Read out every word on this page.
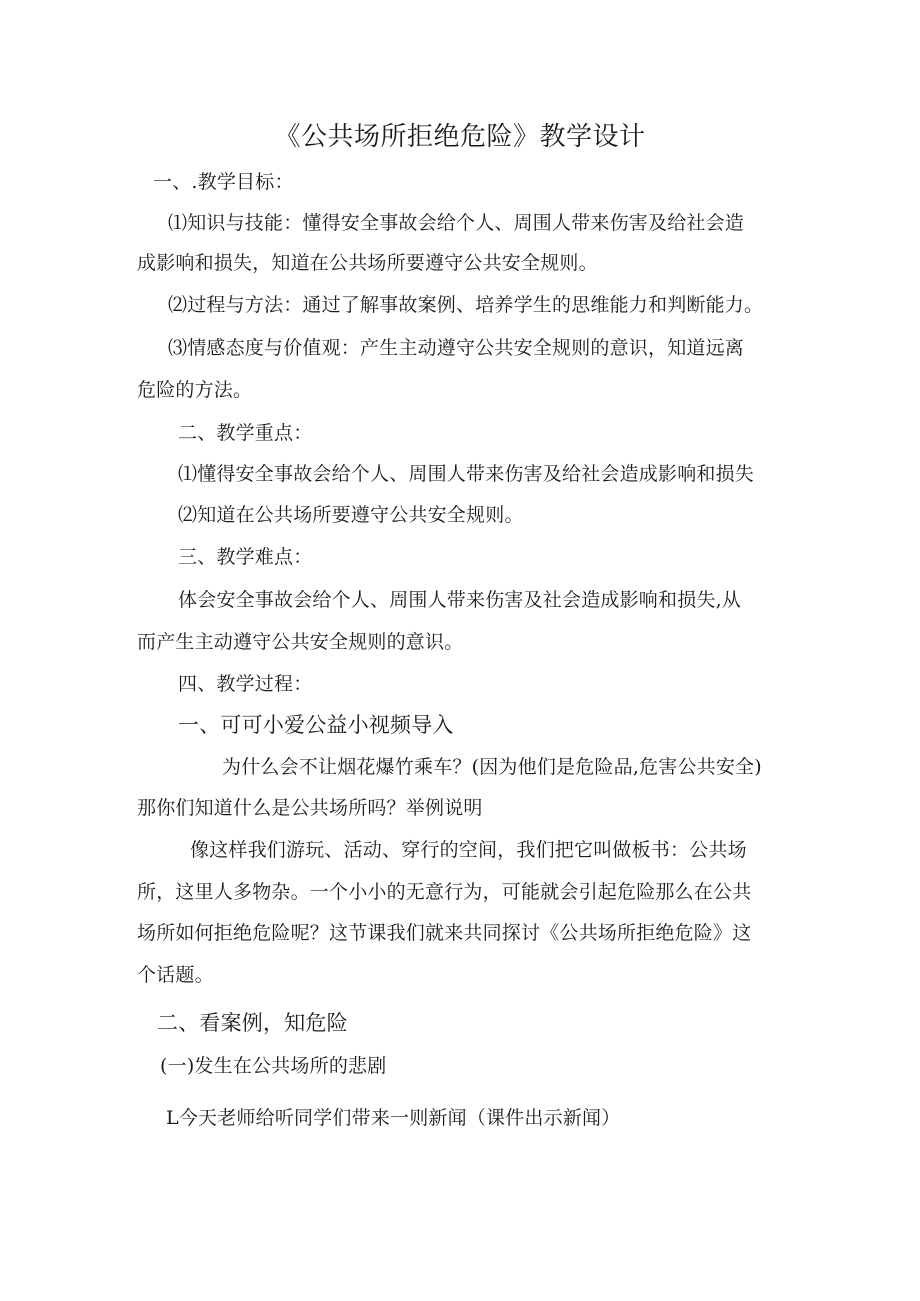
《公共场所拒绝危险》教学设计
一、.教学目标：
⑴知识与技能：懂得安全事故会给个人、周围人带来伤害及给社会造
成影响和损失，知道在公共场所要遵守公共安全规则。
⑵过程与方法：通过了解事故案例、培养学生的思维能力和判断能力。
⑶情感态度与价值观：产生主动遵守公共安全规则的意识，知道远离
危险的方法。
二、教学重点：
⑴懂得安全事故会给个人、周围人带来伤害及给社会造成影响和损失
⑵知道在公共场所要遵守公共安全规则。
三、教学难点：
体会安全事故会给个人、周围人带来伤害及社会造成影响和损失,从
而产生主动遵守公共安全规则的意识。
四、教学过程：
一、可可小爱公益小视频导入
为什么会不让烟花爆竹乘车？(因为他们是危险品,危害公共安全)
那你们知道什么是公共场所吗？举例说明
像这样我们游玩、活动、穿行的空间，我们把它叫做板书：公共场
所，这里人多物杂。一个小小的无意行为，可能就会引起危险那么在公共
场所如何拒绝危险呢？这节课我们就来共同探讨《公共场所拒绝危险》这
个话题。
二、看案例，知危险
(一)发生在公共场所的悲剧
L今天老师给听同学们带来一则新闻（课件出示新闻）
